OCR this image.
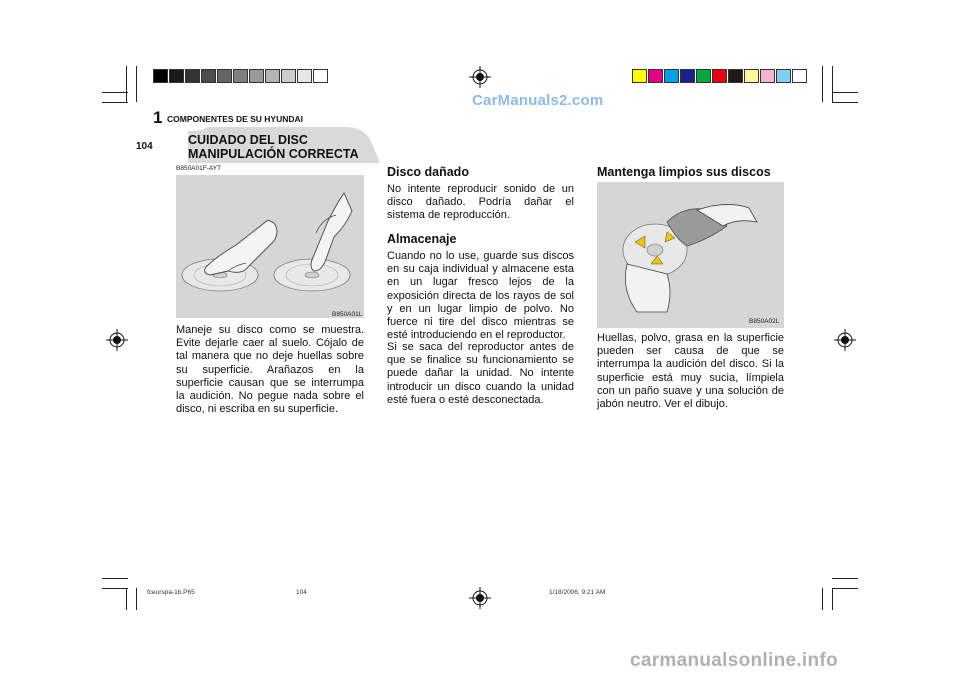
CarManuals2.com
1 COMPONENTES DE SU HYUNDAI
104	CUIDADO DEL DISC
MANIPULACIÓN CORRECTA
B850A01F-AYT
B850A01L
Maneje su disco como se muestra. Evite dejarle caer al suelo. Cójalo de tal manera que no deje huellas sobre su superficie. Arañazos en la superficie causan que se interrumpa la audición. No pegue nada sobre el disco, ni escriba en su superficie.
Disco dañado
No intente reproducir sonido de un disco dañado. Podría dañar el sistema de reproducción.
Almacenaje
Cuando no lo use, guarde sus discos en su caja individual y almacene esta en un lugar fresco lejos de la exposición directa de los rayos de sol y en un lugar limpio de polvo. No fuerce ni tire del disco mientras se esté introduciendo en el reproductor.
Si se saca del reproductor antes de que se finalice su funcionamiento se puede dañar la unidad. No intente introducir un disco cuando la unidad esté fuera o esté desconectada.
Mantenga limpios sus discos
B850A02L
Huellas, polvo, grasa en la superficie pueden ser causa de que se interrumpa la audición del disco. Si la superficie está muy sucia, límpiela con un paño suave y una solución de jabón neutro. Ver el dibujo.
fceurspa-1b.P65	104	1/18/2006, 9:21 AM
carmanualsonline.info
